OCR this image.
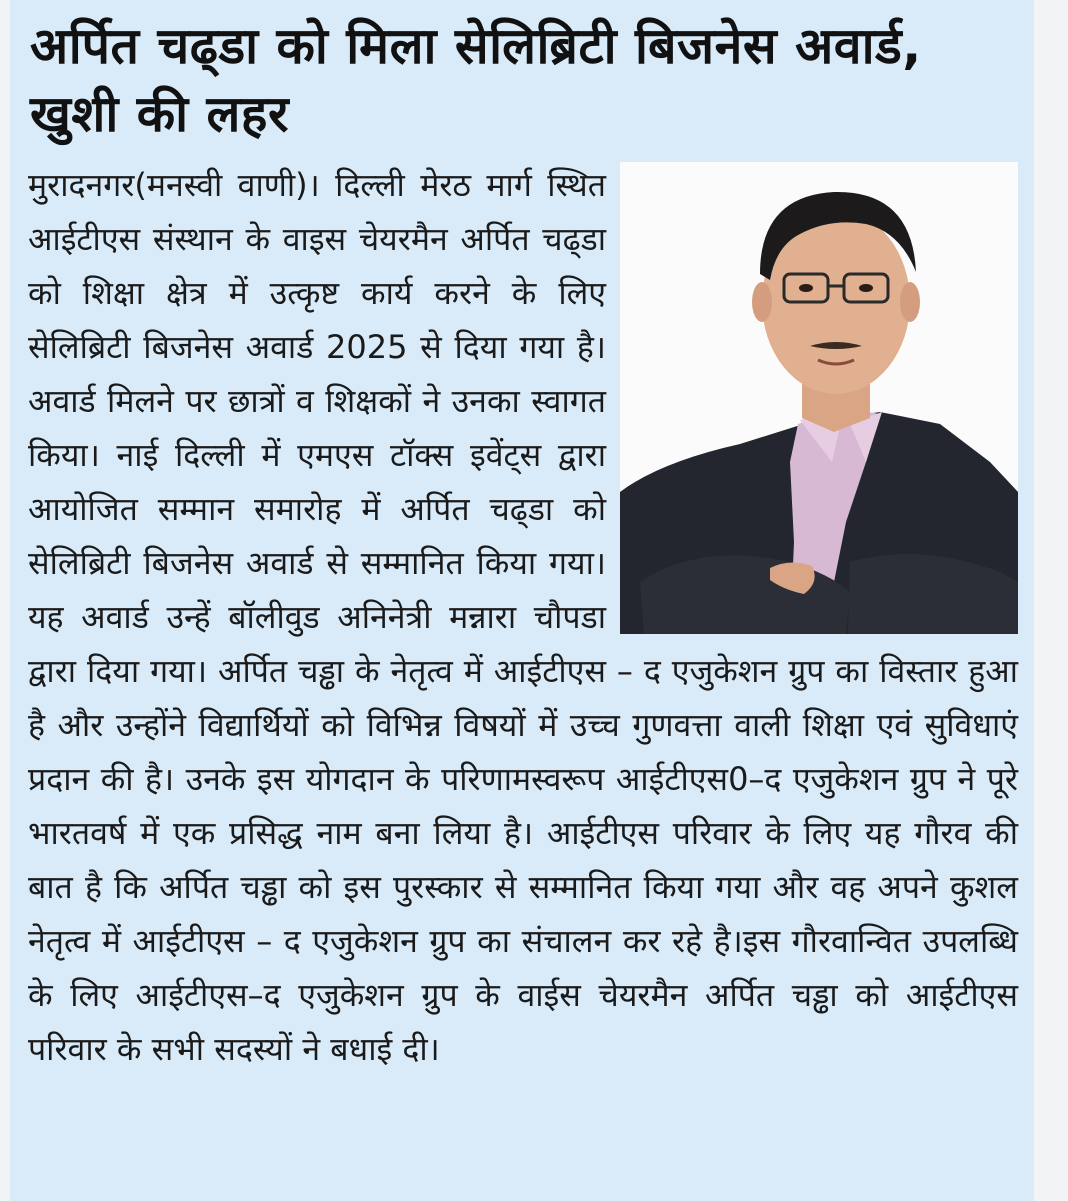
अर्पित चढ्डा को मिला सेलिब्रिटी बिजनेस अवार्ड, खुशी की लहर

मुरादनगर(मनस्वी वाणी)। दिल्ली मेरठ मार्ग स्थित आईटीएस संस्थान के वाइस चेयरमैन अर्पित चढ्डा को शिक्षा क्षेत्र में उत्कृष्ट कार्य करने के लिए सेलिब्रिटी बिजनेस अवार्ड 2025 से दिया गया है। अवार्ड मिलने पर छात्रों व शिक्षकों ने उनका स्वागत किया। नाई दिल्ली में एमएस टॉक्स इवेंट्स द्वारा आयोजित सम्मान समारोह में अर्पित चढ्डा को सेलिब्रिटी बिजनेस अवार्ड से सम्मानित किया गया। यह अवार्ड उन्हें बॉलीवुड अनिनेत्री मन्नारा चौपडा द्वारा दिया गया। अर्पित चड्ढा के नेतृत्व में आईटीएस – द एजुकेशन ग्रुप का विस्तार हुआ है और उन्होंने विद्यार्थियों को विभिन्न विषयों में उच्च गुणवत्ता वाली शिक्षा एवं सुविधाएं प्रदान की है। उनके इस योगदान के परिणामस्वरूप आईटीएस0–द एजुकेशन ग्रुप ने पूरे भारतवर्ष में एक प्रसिद्ध नाम बना लिया है। आईटीएस परिवार के लिए यह गौरव की बात है कि अर्पित चड्ढा को इस पुरस्कार से सम्मानित किया गया और वह अपने कुशल नेतृत्व में आईटीएस – द एजुकेशन ग्रुप का संचालन कर रहे है।इस गौरवान्वित उपलब्धि के लिए आईटीएस–द एजुकेशन ग्रुप के वाईस चेयरमैन अर्पित चड्ढा को आईटीएस परिवार के सभी सदस्यों ने बधाई दी।
